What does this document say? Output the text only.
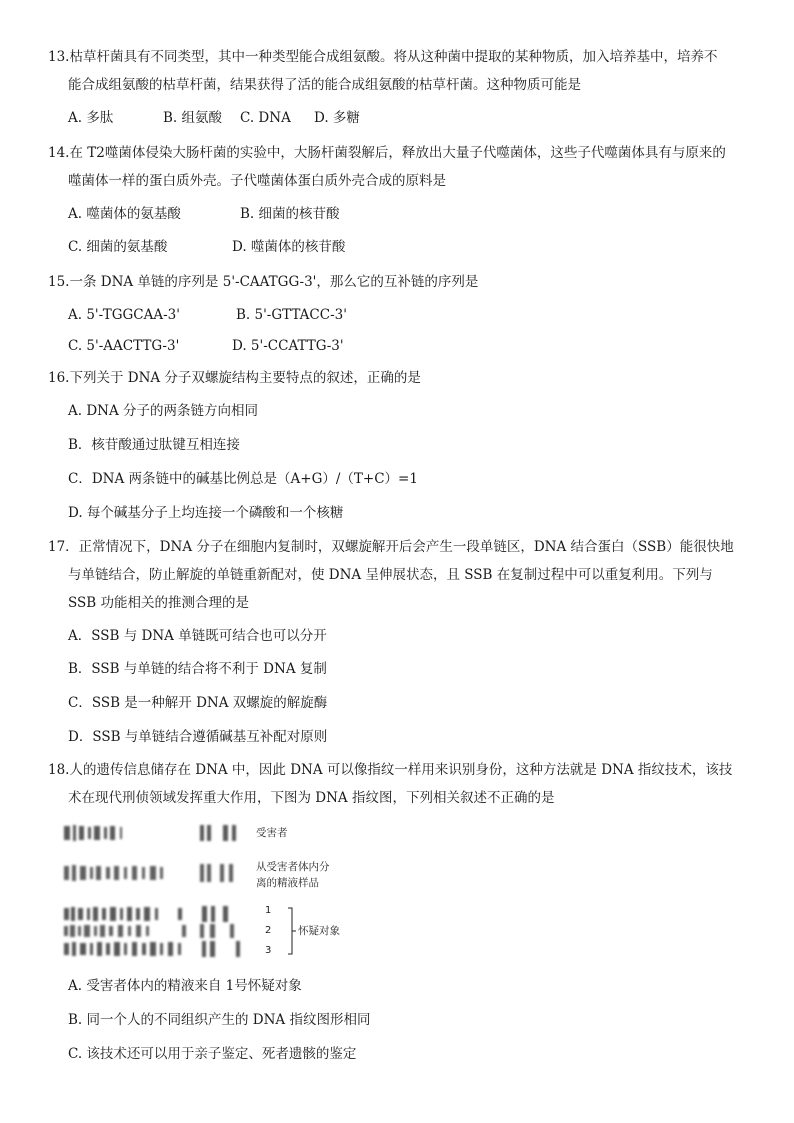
13.枯草杆菌具有不同类型，其中一种类型能合成组氨酸。将从这种菌中提取的某种物质，加入培养基中，培养不
能合成组氨酸的枯草杆菌，结果获得了活的能合成组氨酸的枯草杆菌。这种物质可能是
A. 多肽	B. 组氨酸 C. DNA D. 多糖
14.在 T2噬菌体侵染大肠杆菌的实验中，大肠杆菌裂解后，释放出大量子代噬菌体，这些子代噬菌体具有与原来的
噬菌体一样的蛋白质外壳。子代噬菌体蛋白质外壳合成的原料是
A. 噬菌体的氨基酸	B. 细菌的核苷酸
C. 细菌的氨基酸	D. 噬菌体的核苷酸
15.一条 DNA 单链的序列是 5'-CAATGG-3'，那么它的互补链的序列是
A. 5'-TGGCAA-3'	B. 5'-GTTACC-3'
C. 5'-AACTTG-3'	D. 5'-CCATTG-3'
16.下列关于 DNA 分子双螺旋结构主要特点的叙述，正确的是
A. DNA 分子的两条链方向相同
B．核苷酸通过肽键互相连接
C．DNA 两条链中的碱基比例总是（A+G）/（T+C）=1
D. 每个碱基分子上均连接一个磷酸和一个核糖
17．正常情况下，DNA 分子在细胞内复制时，双螺旋解开后会产生一段单链区，DNA 结合蛋白（SSB）能很快地
与单链结合，防止解旋的单链重新配对，使 DNA 呈伸展状态，且 SSB 在复制过程中可以重复利用。下列与
SSB 功能相关的推测合理的是
A．SSB 与 DNA 单链既可结合也可以分开
B．SSB 与单链的结合将不利于 DNA 复制
C．SSB 是一种解开 DNA 双螺旋的解旋酶
D．SSB 与单链结合遵循碱基互补配对原则
18.人的遗传信息储存在 DNA 中，因此 DNA 可以像指纹一样用来识别身份，这种方法就是 DNA 指纹技术，该技
术在现代刑侦领域发挥重大作用，下图为 DNA 指纹图，下列相关叙述不正确的是
受害者
从受害者体内分
离的精液样品
1
2
3
怀疑对象
A. 受害者体内的精液来自 1号怀疑对象
B. 同一个人的不同组织产生的 DNA 指纹图形相同
C. 该技术还可以用于亲子鉴定、死者遗骸的鉴定
